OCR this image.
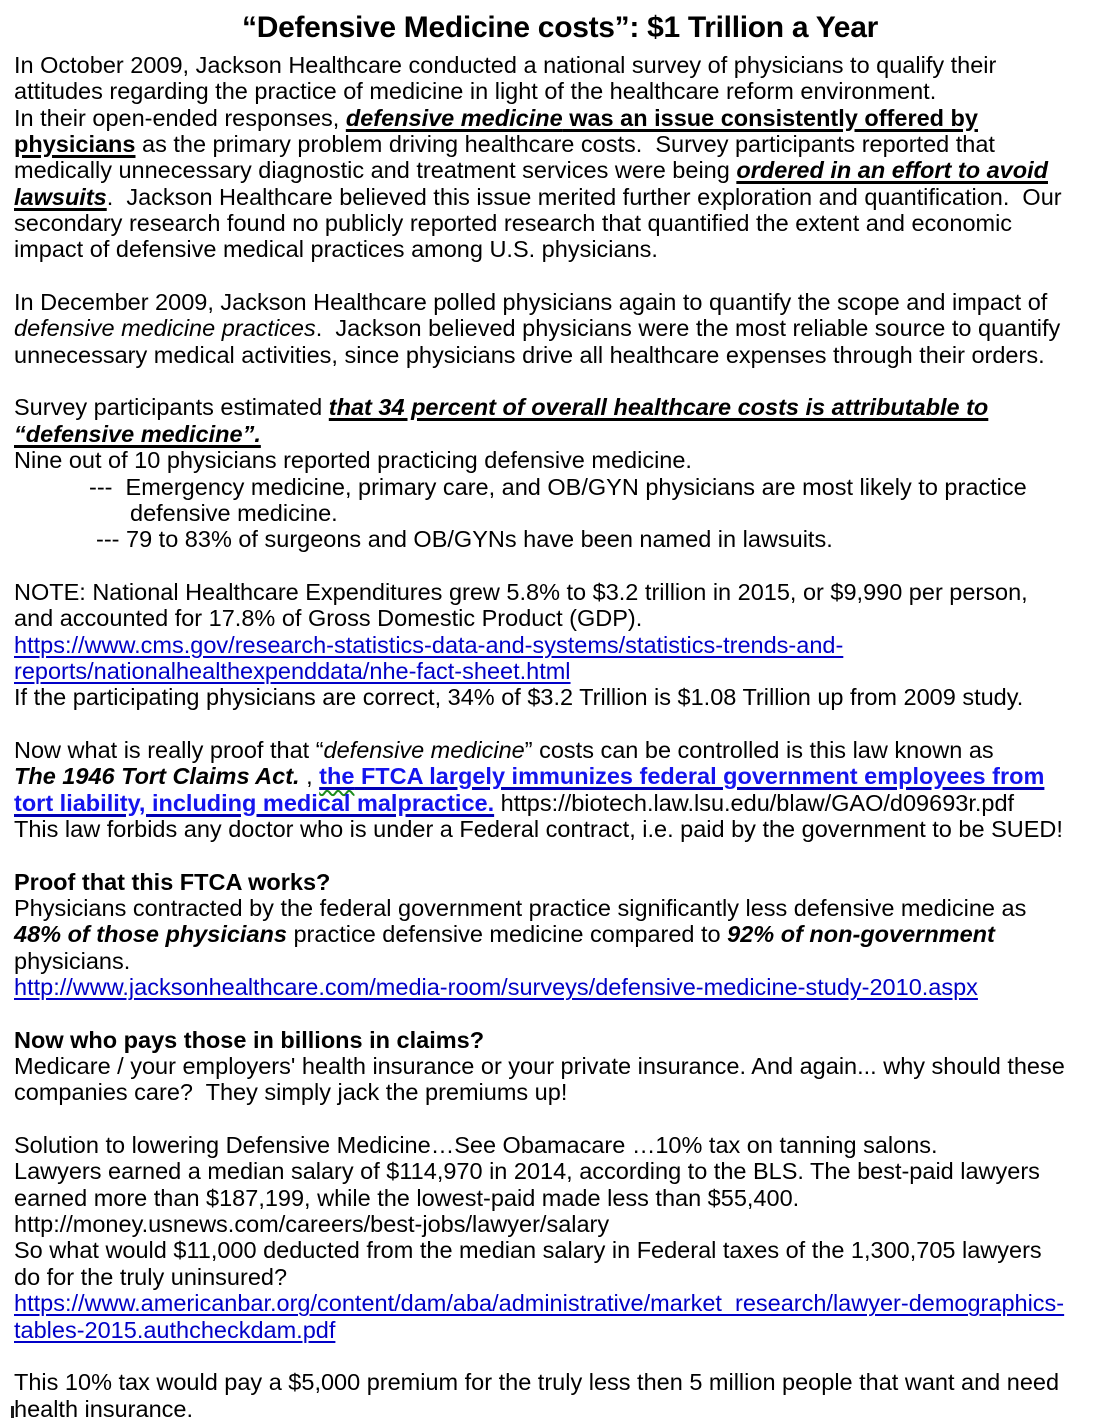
“Defensive Medicine costs”: $1 Trillion a Year
In October 2009, Jackson Healthcare conducted a national survey of physicians to qualify their
attitudes regarding the practice of medicine in light of the healthcare reform environment.
In their open-ended responses, defensive medicine was an issue consistently offered by
physicians as the primary problem driving healthcare costs.  Survey participants reported that
medically unnecessary diagnostic and treatment services were being ordered in an effort to avoid
lawsuits.  Jackson Healthcare believed this issue merited further exploration and quantification.  Our
secondary research found no publicly reported research that quantified the extent and economic
impact of defensive medical practices among U.S. physicians.

In December 2009, Jackson Healthcare polled physicians again to quantify the scope and impact of
defensive medicine practices.  Jackson believed physicians were the most reliable source to quantify
unnecessary medical activities, since physicians drive all healthcare expenses through their orders.

Survey participants estimated that 34 percent of overall healthcare costs is attributable to
“defensive medicine”.
Nine out of 10 physicians reported practicing defensive medicine.
---  Emergency medicine, primary care, and OB/GYN physicians are most likely to practice
defensive medicine.
--- 79 to 83% of surgeons and OB/GYNs have been named in lawsuits.

NOTE: National Healthcare Expenditures grew 5.8% to $3.2 trillion in 2015, or $9,990 per person,
and accounted for 17.8% of Gross Domestic Product (GDP).
https://www.cms.gov/research-statistics-data-and-systems/statistics-trends-and-
reports/nationalhealthexpenddata/nhe-fact-sheet.html
If the participating physicians are correct, 34% of $3.2 Trillion is $1.08 Trillion up from 2009 study.

Now what is really proof that “defensive medicine” costs can be controlled is this law known as
The 1946 Tort Claims Act. , the FTCA largely immunizes federal government employees from
tort liability, including medical malpractice. https://biotech.law.lsu.edu/blaw/GAO/d09693r.pdf
This law forbids any doctor who is under a Federal contract, i.e. paid by the government to be SUED!

Proof that this FTCA works?
Physicians contracted by the federal government practice significantly less defensive medicine as
48% of those physicians practice defensive medicine compared to 92% of non-government
physicians.
http://www.jacksonhealthcare.com/media-room/surveys/defensive-medicine-study-2010.aspx

Now who pays those in billions in claims?
Medicare / your employers' health insurance or your private insurance. And again... why should these
companies care?  They simply jack the premiums up!

Solution to lowering Defensive Medicine…See Obamacare …10% tax on tanning salons.
Lawyers earned a median salary of $114,970 in 2014, according to the BLS. The best-paid lawyers
earned more than $187,199, while the lowest-paid made less than $55,400.
http://money.usnews.com/careers/best-jobs/lawyer/salary
So what would $11,000 deducted from the median salary in Federal taxes of the 1,300,705 lawyers
do for the truly uninsured?
https://www.americanbar.org/content/dam/aba/administrative/market_research/lawyer-demographics-
tables-2015.authcheckdam.pdf

This 10% tax would pay a $5,000 premium for the truly less then 5 million people that want and need
health insurance.
